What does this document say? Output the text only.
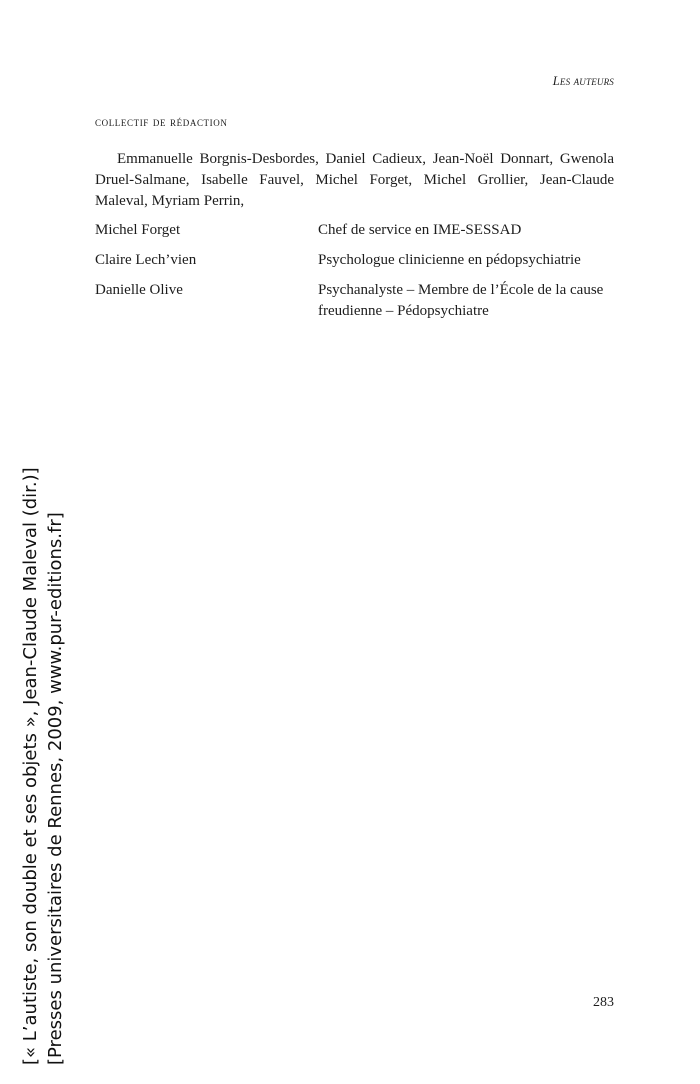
Les auteurs
collectif de rédaction

Emmanuelle Borgnis-Desbordes, Daniel Cadieux, Jean-Noël Donnart, Gwenola Druel-Salmane, Isabelle Fauvel, Michel Forget, Michel Grollier, Jean-Claude Maleval, Myriam Perrin,

Michel Forget	Chef de service en IME-SESSAD
Claire Lech’vien	Psychologue clinicienne en pédopsychiatrie
Danielle Olive	Psychanalyste – Membre de l’École de la cause freudienne – Pédopsychiatre
283
[« L’autiste, son double et ses objets », Jean-Claude Maleval (dir.)] [Presses universitaires de Rennes, 2009, www.pur-editions.fr]
